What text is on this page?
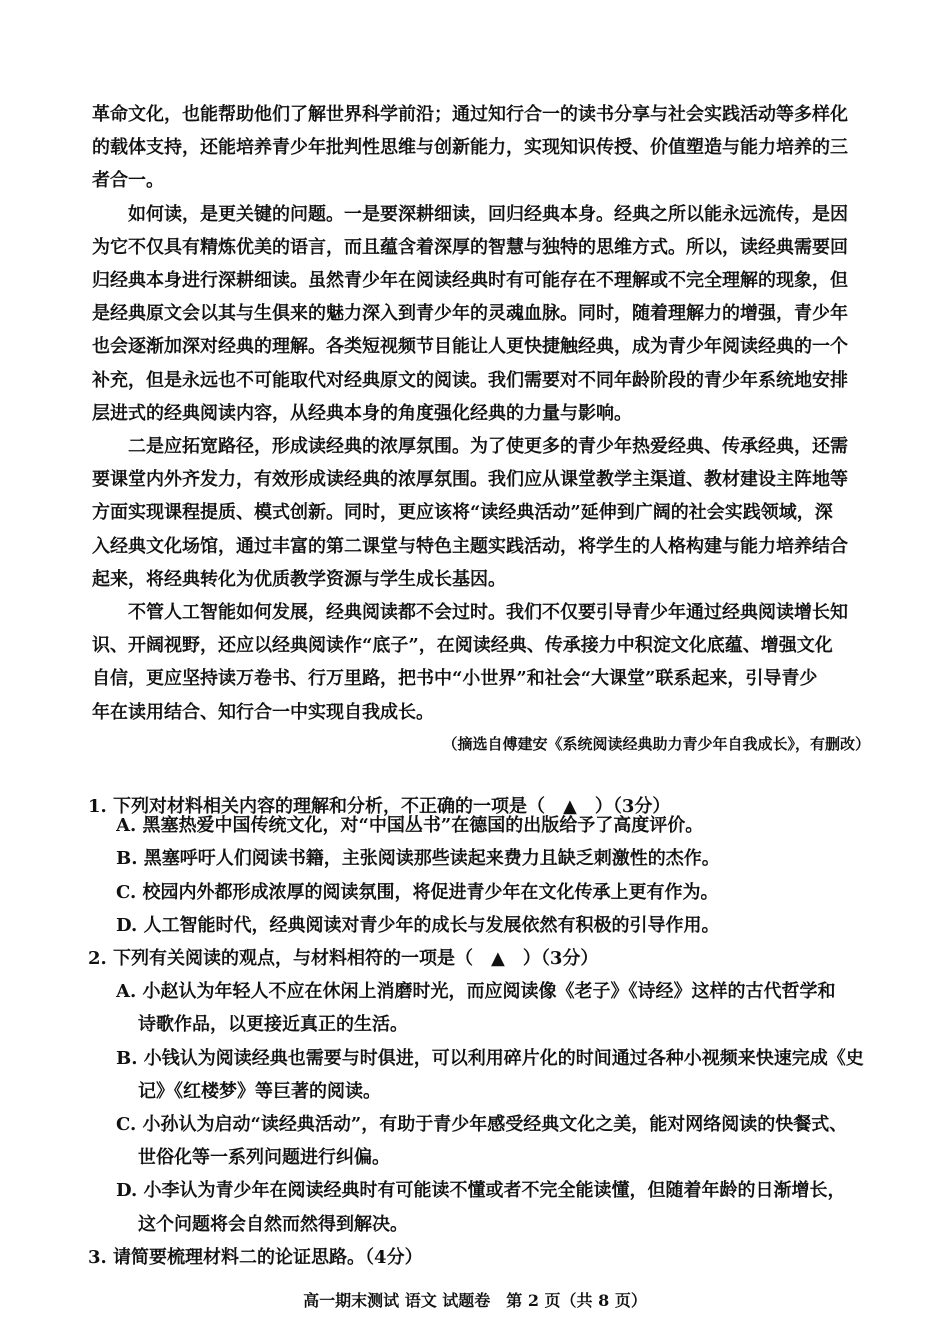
革命文化，也能帮助他们了解世界科学前沿；通过知行合一的读书分享与社会实践活动等多样化
的载体支持，还能培养青少年批判性思维与创新能力，实现知识传授、价值塑造与能力培养的三
者合一。
如何读，是更关键的问题。一是要深耕细读，回归经典本身。经典之所以能永远流传，是因
为它不仅具有精炼优美的语言，而且蕴含着深厚的智慧与独特的思维方式。所以，读经典需要回
归经典本身进行深耕细读。虽然青少年在阅读经典时有可能存在不理解或不完全理解的现象，但
是经典原文会以其与生俱来的魅力深入到青少年的灵魂血脉。同时，随着理解力的增强，青少年
也会逐渐加深对经典的理解。各类短视频节目能让人更快捷触经典，成为青少年阅读经典的一个
补充，但是永远也不可能取代对经典原文的阅读。我们需要对不同年龄阶段的青少年系统地安排
层进式的经典阅读内容，从经典本身的角度强化经典的力量与影响。
二是应拓宽路径，形成读经典的浓厚氛围。为了使更多的青少年热爱经典、传承经典，还需
要课堂内外齐发力，有效形成读经典的浓厚氛围。我们应从课堂教学主渠道、教材建设主阵地等
方面实现课程提质、模式创新。同时，更应该将“读经典活动”延伸到广阔的社会实践领域，深
入经典文化场馆，通过丰富的第二课堂与特色主题实践活动，将学生的人格构建与能力培养结合
起来，将经典转化为优质教学资源与学生成长基因。
不管人工智能如何发展，经典阅读都不会过时。我们不仅要引导青少年通过经典阅读增长知
识、开阔视野，还应以经典阅读作“底子”，在阅读经典、传承接力中积淀文化底蕴、增强文化
自信，更应坚持读万卷书、行万里路，把书中“小世界”和社会“大课堂”联系起来，引导青少
年在读用结合、知行合一中实现自我成长。
（摘选自傅建安《系统阅读经典助力青少年自我成长》，有删改）
1. 下列对材料相关内容的理解和分析，不正确的一项是（　▲　）（3分）
A. 黑塞热爱中国传统文化，对“中国丛书”在德国的出版给予了高度评价。
B. 黑塞呼吁人们阅读书籍，主张阅读那些读起来费力且缺乏刺激性的杰作。
C. 校园内外都形成浓厚的阅读氛围，将促进青少年在文化传承上更有作为。
D. 人工智能时代，经典阅读对青少年的成长与发展依然有积极的引导作用。
2. 下列有关阅读的观点，与材料相符的一项是（　▲　）（3分）
A. 小赵认为年轻人不应在休闲上消磨时光，而应阅读像《老子》《诗经》这样的古代哲学和
诗歌作品，以更接近真正的生活。
B. 小钱认为阅读经典也需要与时俱进，可以利用碎片化的时间通过各种小视频来快速完成《史
记》《红楼梦》等巨著的阅读。
C. 小孙认为启动“读经典活动”，有助于青少年感受经典文化之美，能对网络阅读的快餐式、
世俗化等一系列问题进行纠偏。
D. 小李认为青少年在阅读经典时有可能读不懂或者不完全能读懂，但随着年龄的日渐增长，
这个问题将会自然而然得到解决。
高一期末测试 语文 试题卷　第 2 页（共 8 页）
3. 请简要梳理材料二的论证思路。（4分）
